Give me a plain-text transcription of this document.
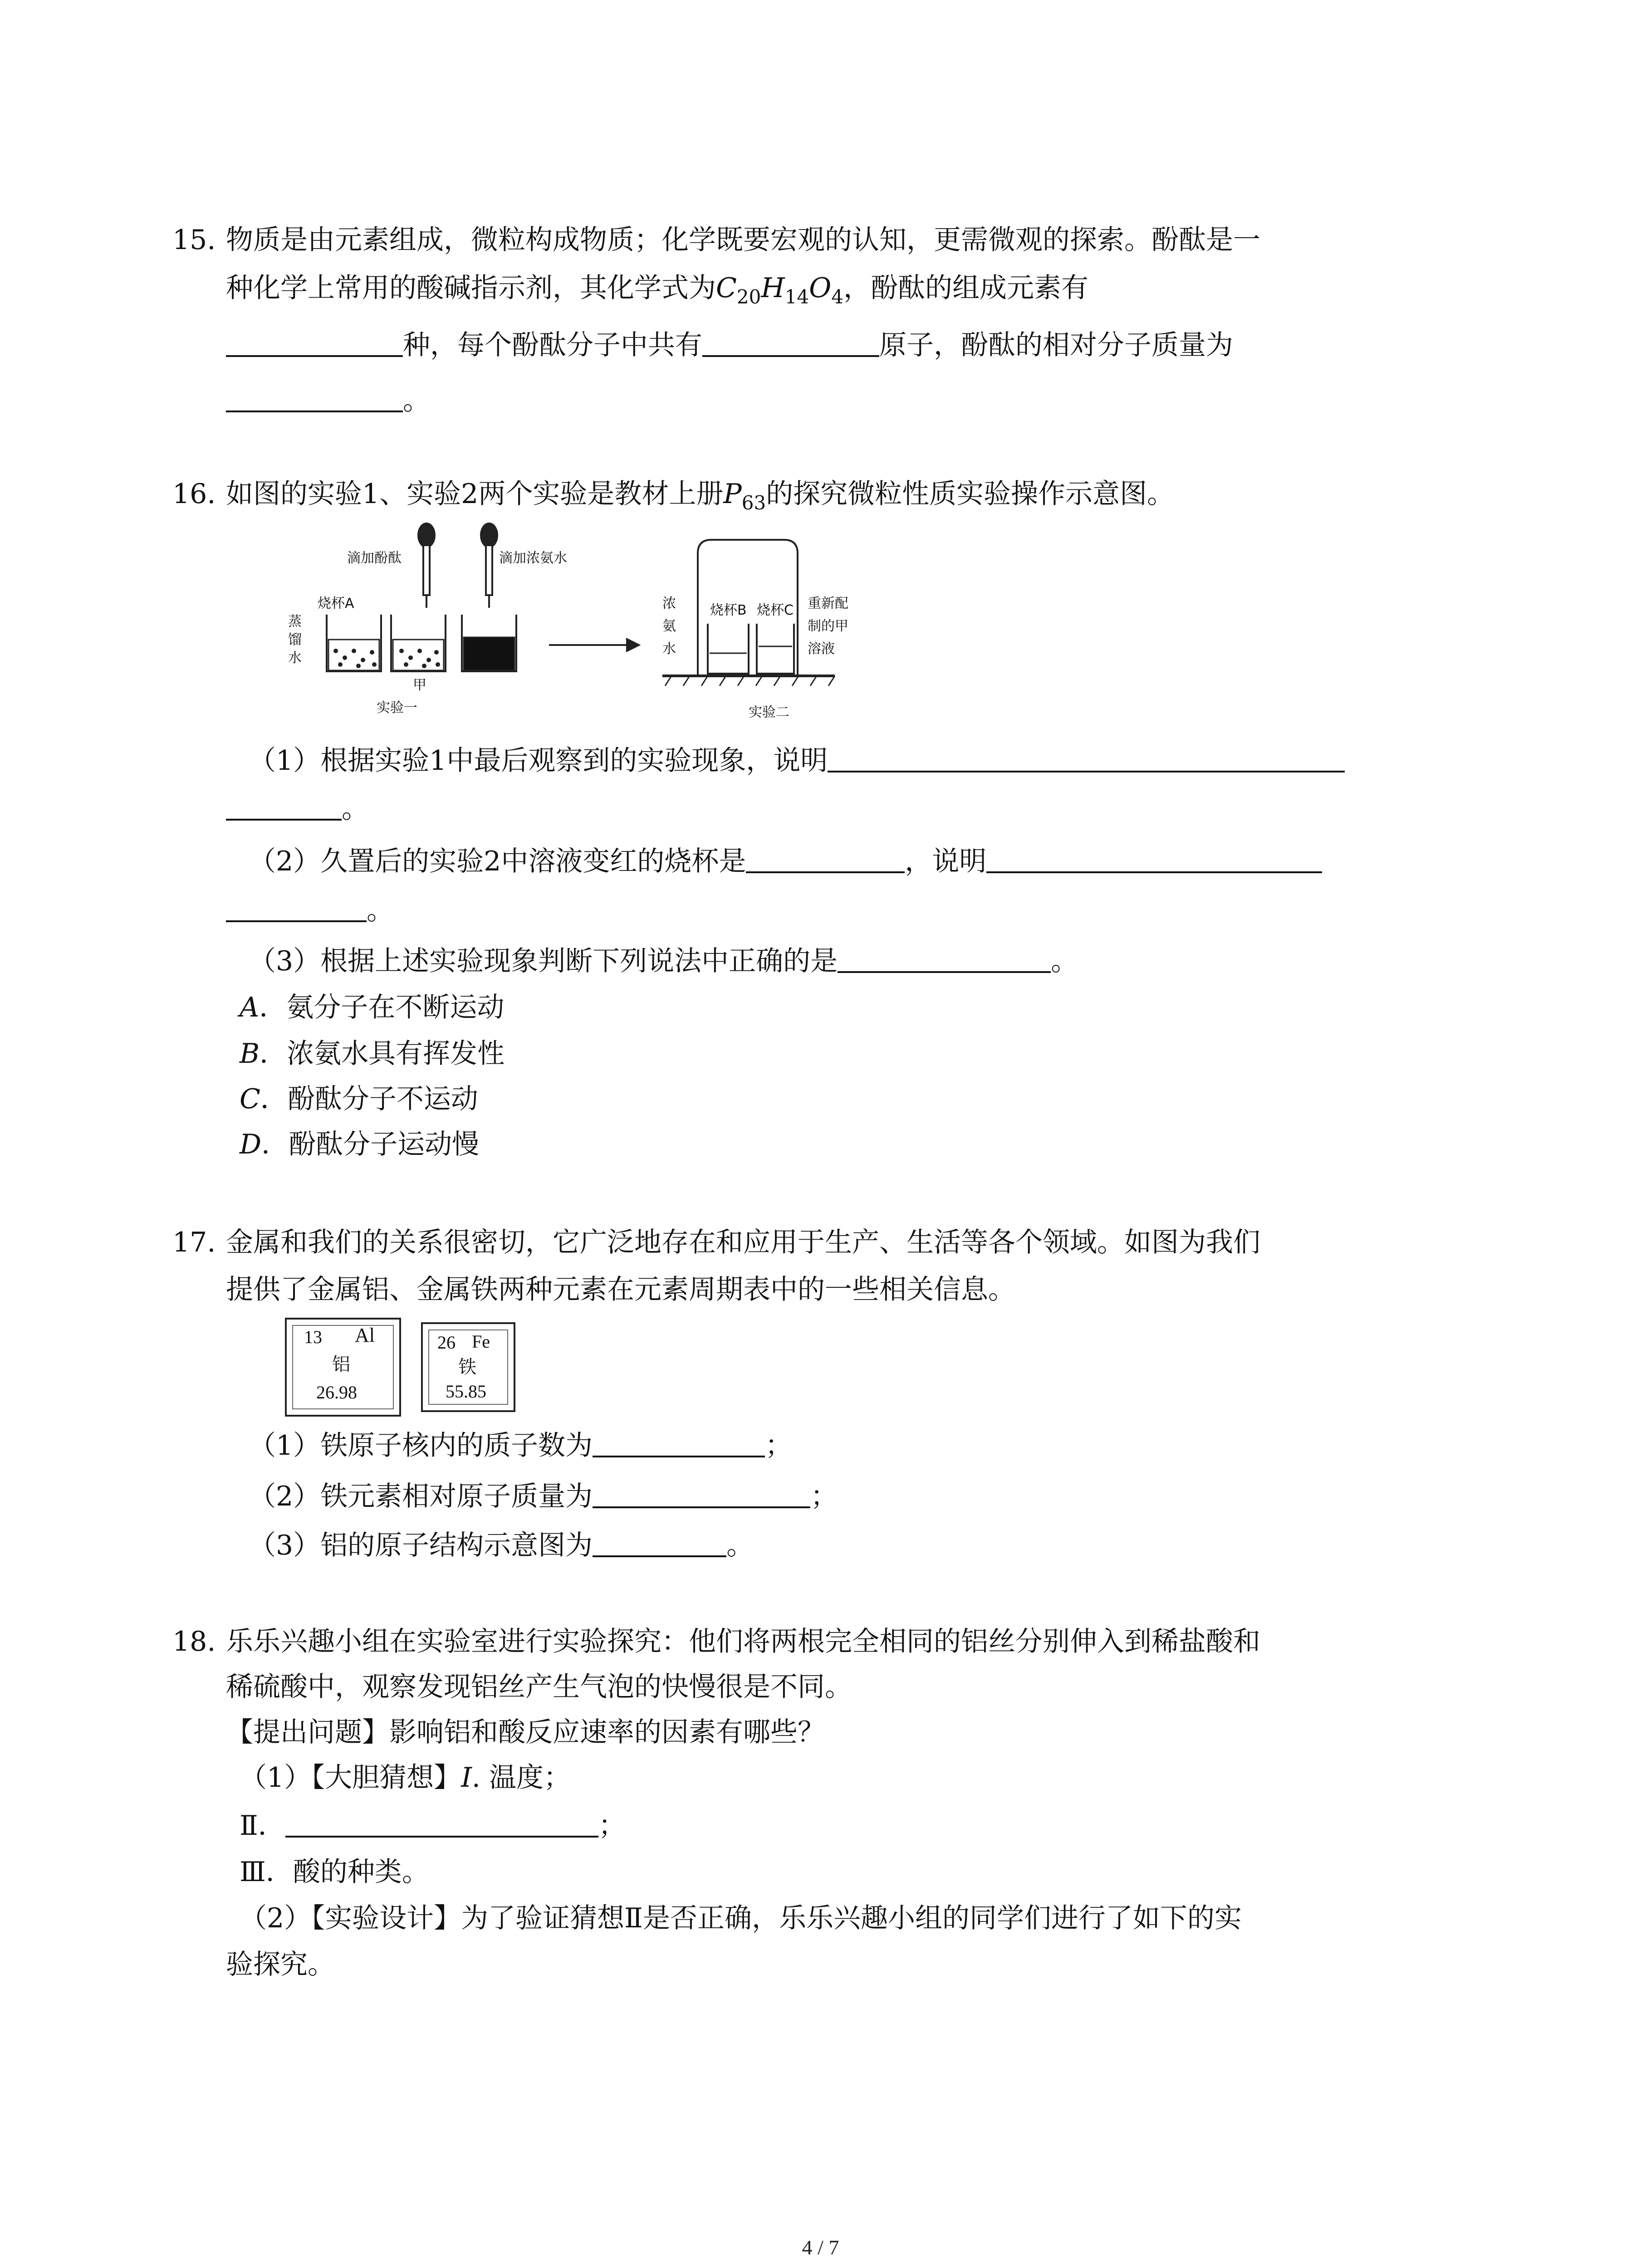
15. 物质是由元素组成，微粒构成物质；化学既要宏观的认知，更需微观的探索。酚酞是一
种化学上常用的酸碱指示剂，其化学式为$C_{20}H_{14}O_4$，酚酞的组成元素有
种，每个酚酞分子中共有	原子，酚酞的相对分子质量为
。
16. 如图的实验1、实验2两个实验是教材上册$P_{63}$的探究微粒性质实验操作示意图。
滴加酚酞	滴加浓氨水
烧杯A
蒸
馏
水
甲
实验一
浓
氨
水
烧杯B 烧杯C 重新配
制的甲
溶液
实验二
（1）根据实验1中最后观察到的实验现象，说明
。
（2）久置后的实验2中溶液变红的烧杯是	，说明
。
（3）根据上述实验现象判断下列说法中正确的是	。
A．氨分子在不断运动
B．浓氨水具有挥发性
C．酚酞分子不运动
D．酚酞分子运动慢
17. 金属和我们的关系很密切，它广泛地存在和应用于生产、生活等各个领域。如图为我们
提供了金属铝、金属铁两种元素在元素周期表中的一些相关信息。
13 Al
铝
26.98
26 Fe
铁
55.85
（1）铁原子核内的质子数为	；
（2）铁元素相对原子质量为	；
（3）铝的原子结构示意图为	。
18. 乐乐兴趣小组在实验室进行实验探究：他们将两根完全相同的铝丝分别伸入到稀盐酸和
稀硫酸中，观察发现铝丝产生气泡的快慢很是不同。
【提出问题】影响铝和酸反应速率的因素有哪些？
（1）【大胆猜想】I. 温度；
Ⅱ．	；
Ⅲ．酸的种类。
（2）【实验设计】为了验证猜想Ⅱ是否正确，乐乐兴趣小组的同学们进行了如下的实
验探究。
4 / 7
